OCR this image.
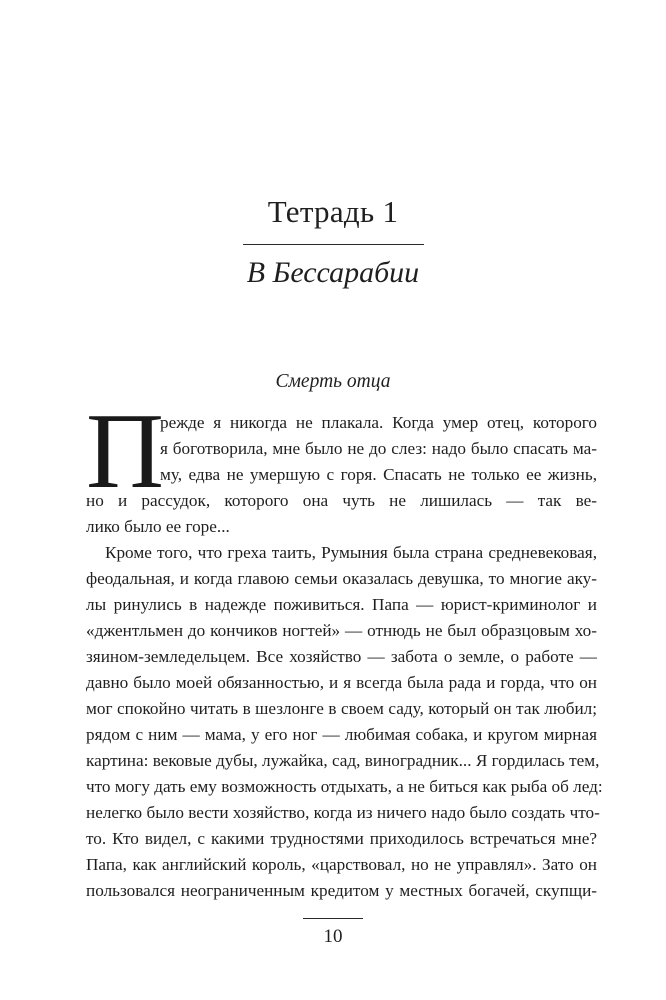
Тетрадь 1
В Бессарабии
Смерть отца
П
режде я никогда не плакала. Когда умер отец, которого
я боготворила, мне было не до слез: надо было спасать ма-
му, едва не умершую с горя. Спасать не только ее жизнь,
но и рассудок, которого она чуть не лишилась — так ве-
лико было ее горе...
Кроме того, что греха таить, Румыния была страна средневековая,
феодальная, и когда главою семьи оказалась девушка, то многие аку-
лы ринулись в надежде поживиться. Папа — юрист-криминолог и
«джентльмен до кончиков ногтей» — отнюдь не был образцовым хо-
зяином-земледельцем. Все хозяйство — забота о земле, о работе —
давно было моей обязанностью, и я всегда была рада и горда, что он
мог спокойно читать в шезлонге в своем саду, который он так любил;
рядом с ним — мама, у его ног — любимая собака, и кругом мирная
картина: вековые дубы, лужайка, сад, виноградник... Я гордилась тем,
что могу дать ему возможность отдыхать, а не биться как рыба об лед:
нелегко было вести хозяйство, когда из ничего надо было создать что-
то. Кто видел, с какими трудностями приходилось встречаться мне?
Папа, как английский король, «царствовал, но не управлял». Зато он
пользовался неограниченным кредитом у местных богачей, скупщи-
10
